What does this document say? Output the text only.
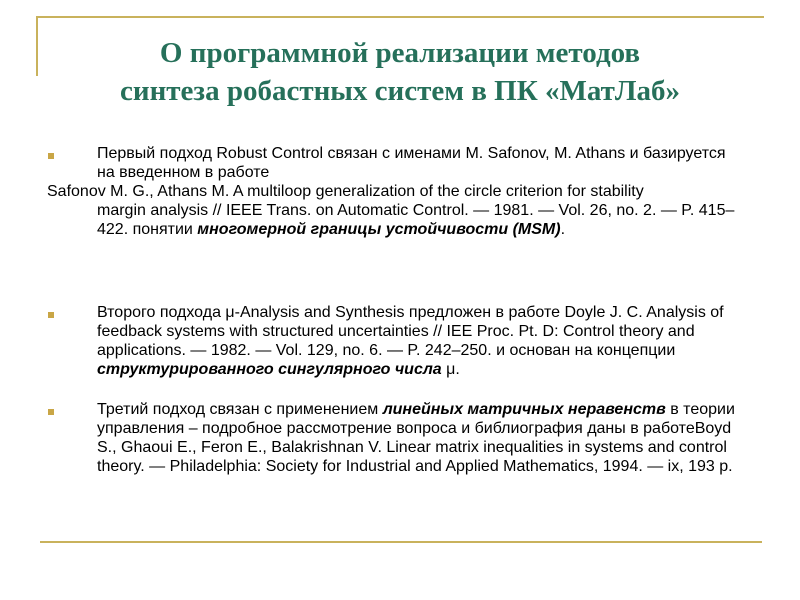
О программной реализации методов
синтеза робастных систем в ПК «МатЛаб»
Первый подход Robust Control связан с именами M. Safonov, M. Athans и базируется на введенном в работе
Safonov M. G., Athans M. A multiloop generalization of the circle criterion for stability
margin analysis // IEEE Trans. on Automatic Control. — 1981. — Vol. 26, no. 2. — P. 415–422. понятии многомерной границы устойчивости (MSM).
Второго подхода μ-Analysis and Synthesis предложен в работе Doyle J. C. Analysis of feedback systems with structured uncertainties // IEE Proc. Pt. D: Control theory and applications. — 1982. — Vol. 129, no. 6. — P. 242–250. и основан на концепции структурированного сингулярного числа μ.
Третий подход связан с применением линейных матричных неравенств в теории управления – подробное рассмотрение вопроса и библиография даны в работеBoyd S., Ghaoui E., Feron E., Balakrishnan V. Linear matrix inequalities in systems and control theory. — Philadelphia: Society for Industrial and Applied Mathematics, 1994. — ix, 193 p.
